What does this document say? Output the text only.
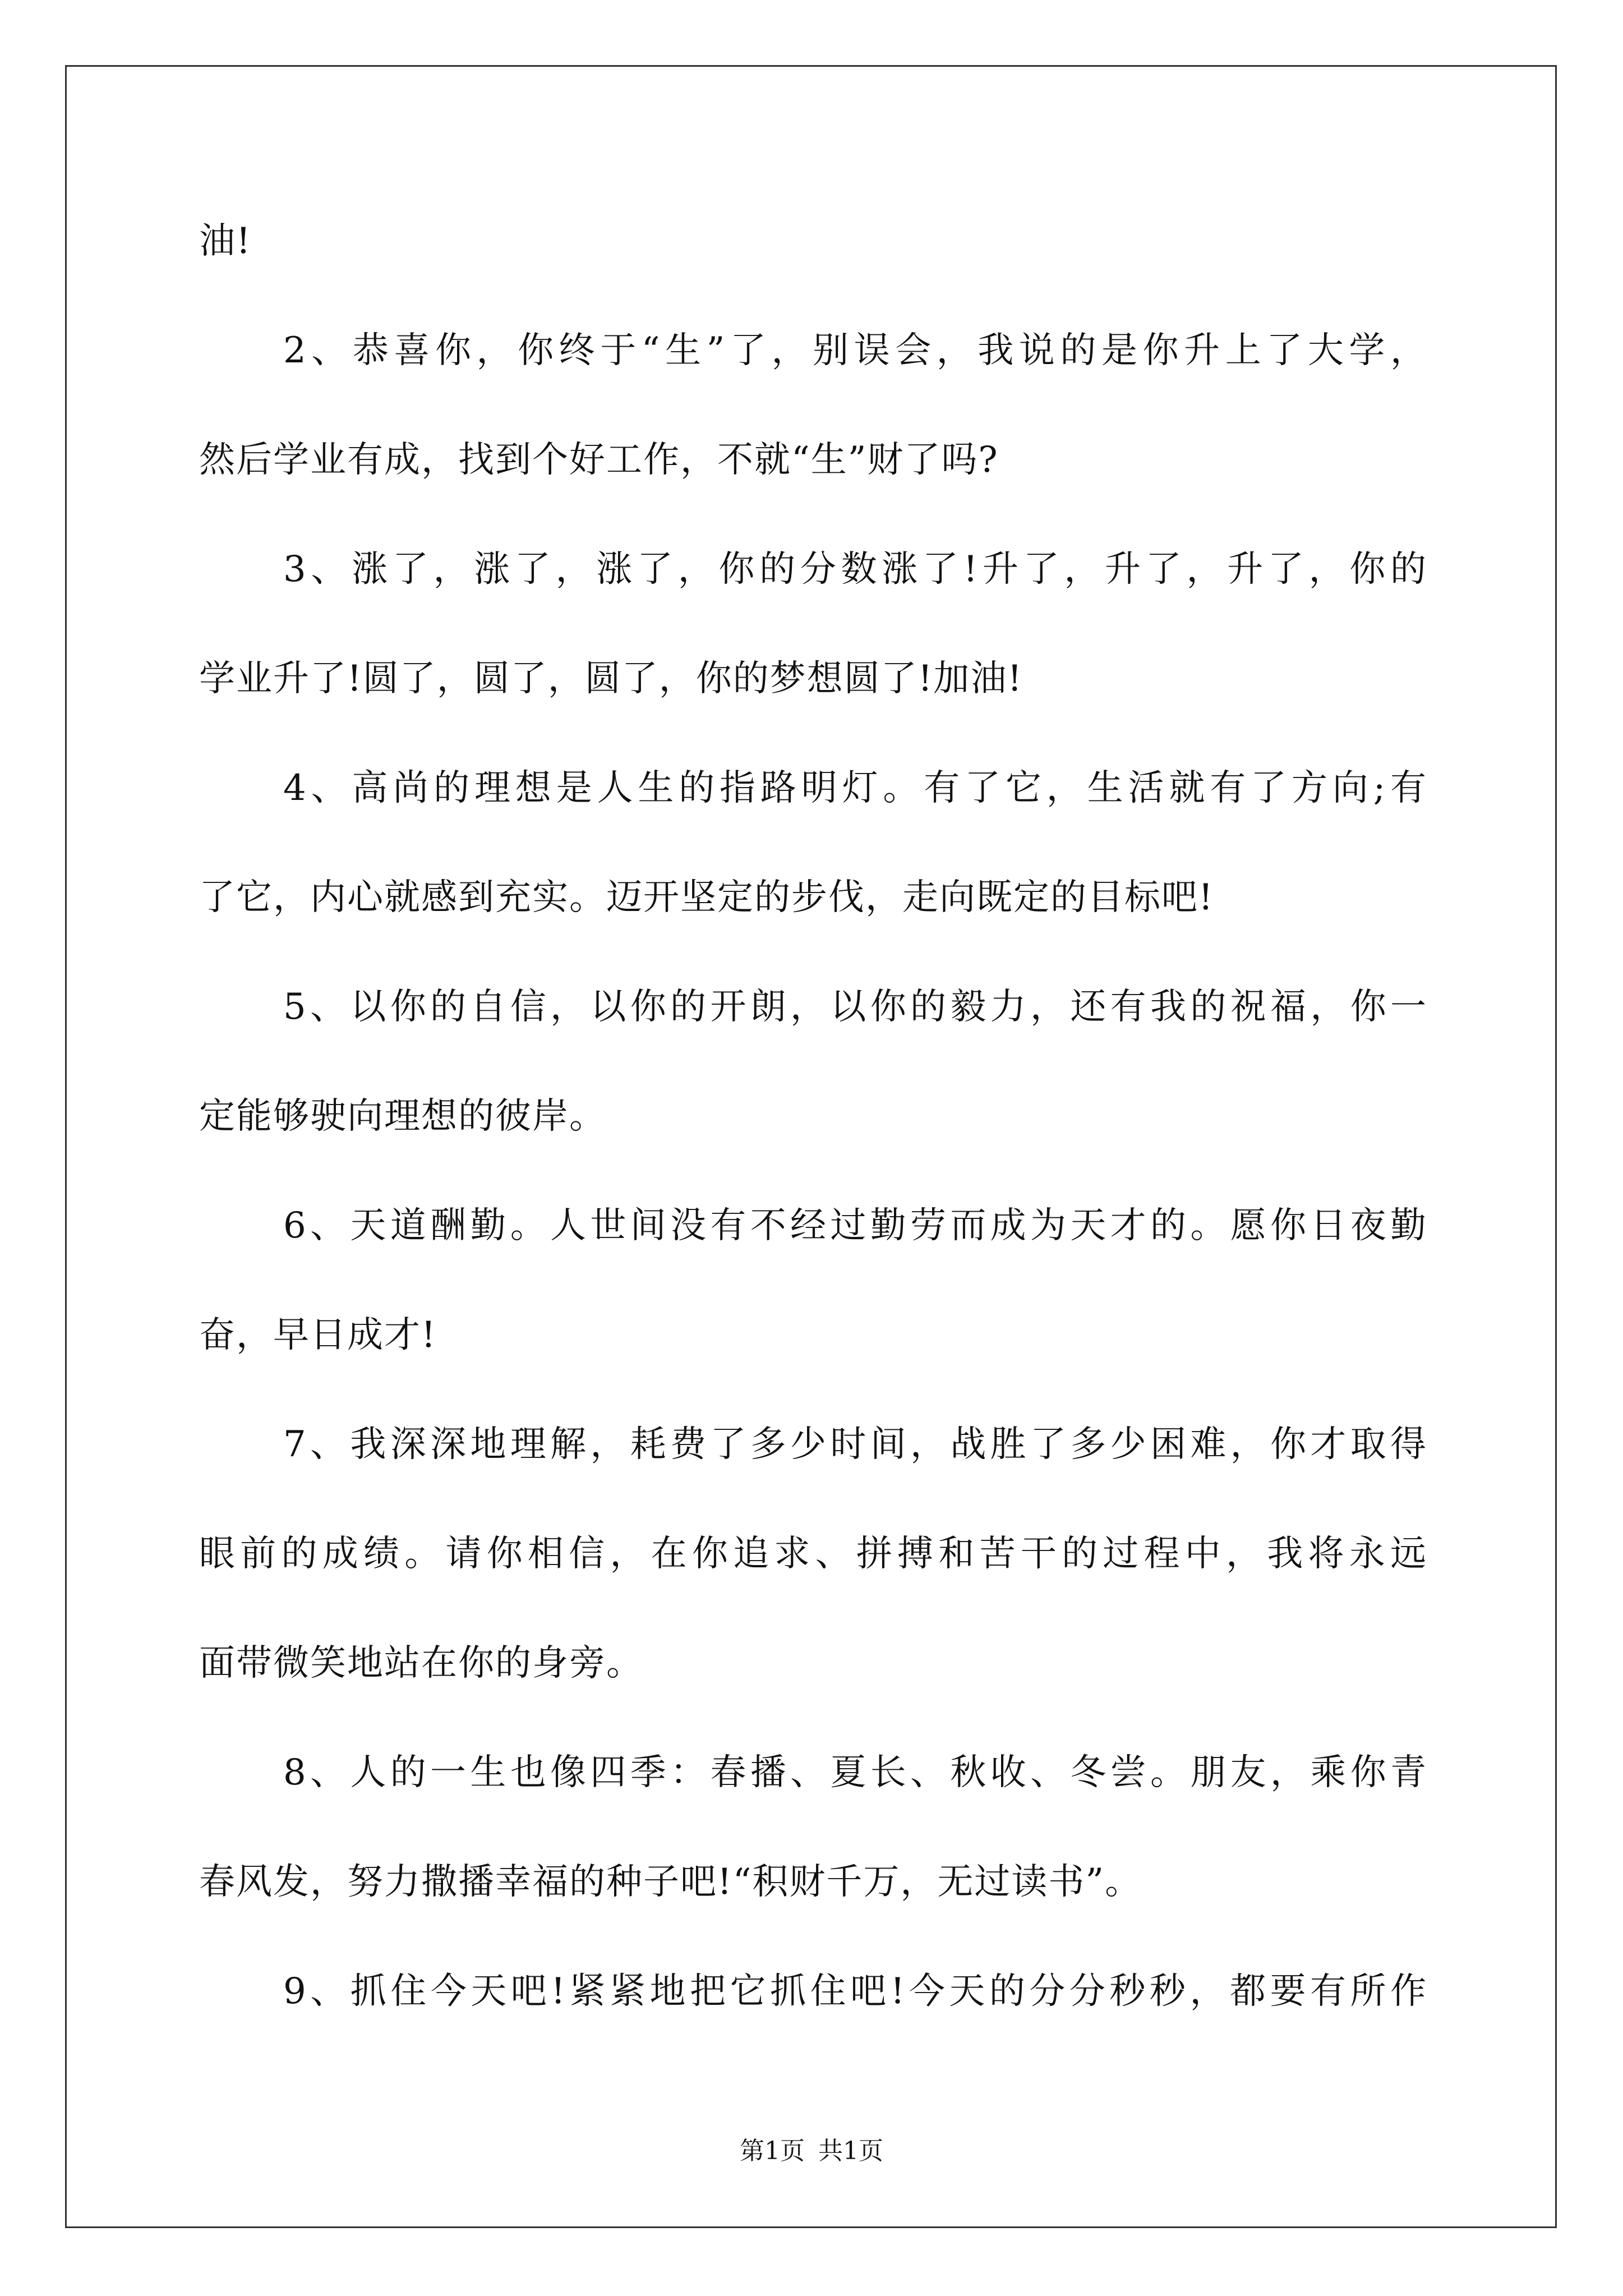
油!
2、恭喜你，你终于“生”了，别误会，我说的是你升上了大学，
然后学业有成，找到个好工作，不就“生”财了吗?
3、涨了，涨了，涨了，你的分数涨了!升了，升了，升了，你的
学业升了!圆了，圆了，圆了，你的梦想圆了!加油!
4、高尚的理想是人生的指路明灯。有了它，生活就有了方向;有
了它，内心就感到充实。迈开坚定的步伐，走向既定的目标吧!
5、以你的自信，以你的开朗，以你的毅力，还有我的祝福，你一
定能够驶向理想的彼岸。
6、天道酬勤。人世间没有不经过勤劳而成为天才的。愿你日夜勤
奋，早日成才!
7、我深深地理解，耗费了多少时间，战胜了多少困难，你才取得
眼前的成绩。请你相信，在你追求、拼搏和苦干的过程中，我将永远
面带微笑地站在你的身旁。
8、人的一生也像四季：春播、夏长、秋收、冬尝。朋友，乘你青
春风发，努力撒播幸福的种子吧!“积财千万，无过读书”。
9、抓住今天吧!紧紧地把它抓住吧!今天的分分秒秒，都要有所作
第1页 共1页
